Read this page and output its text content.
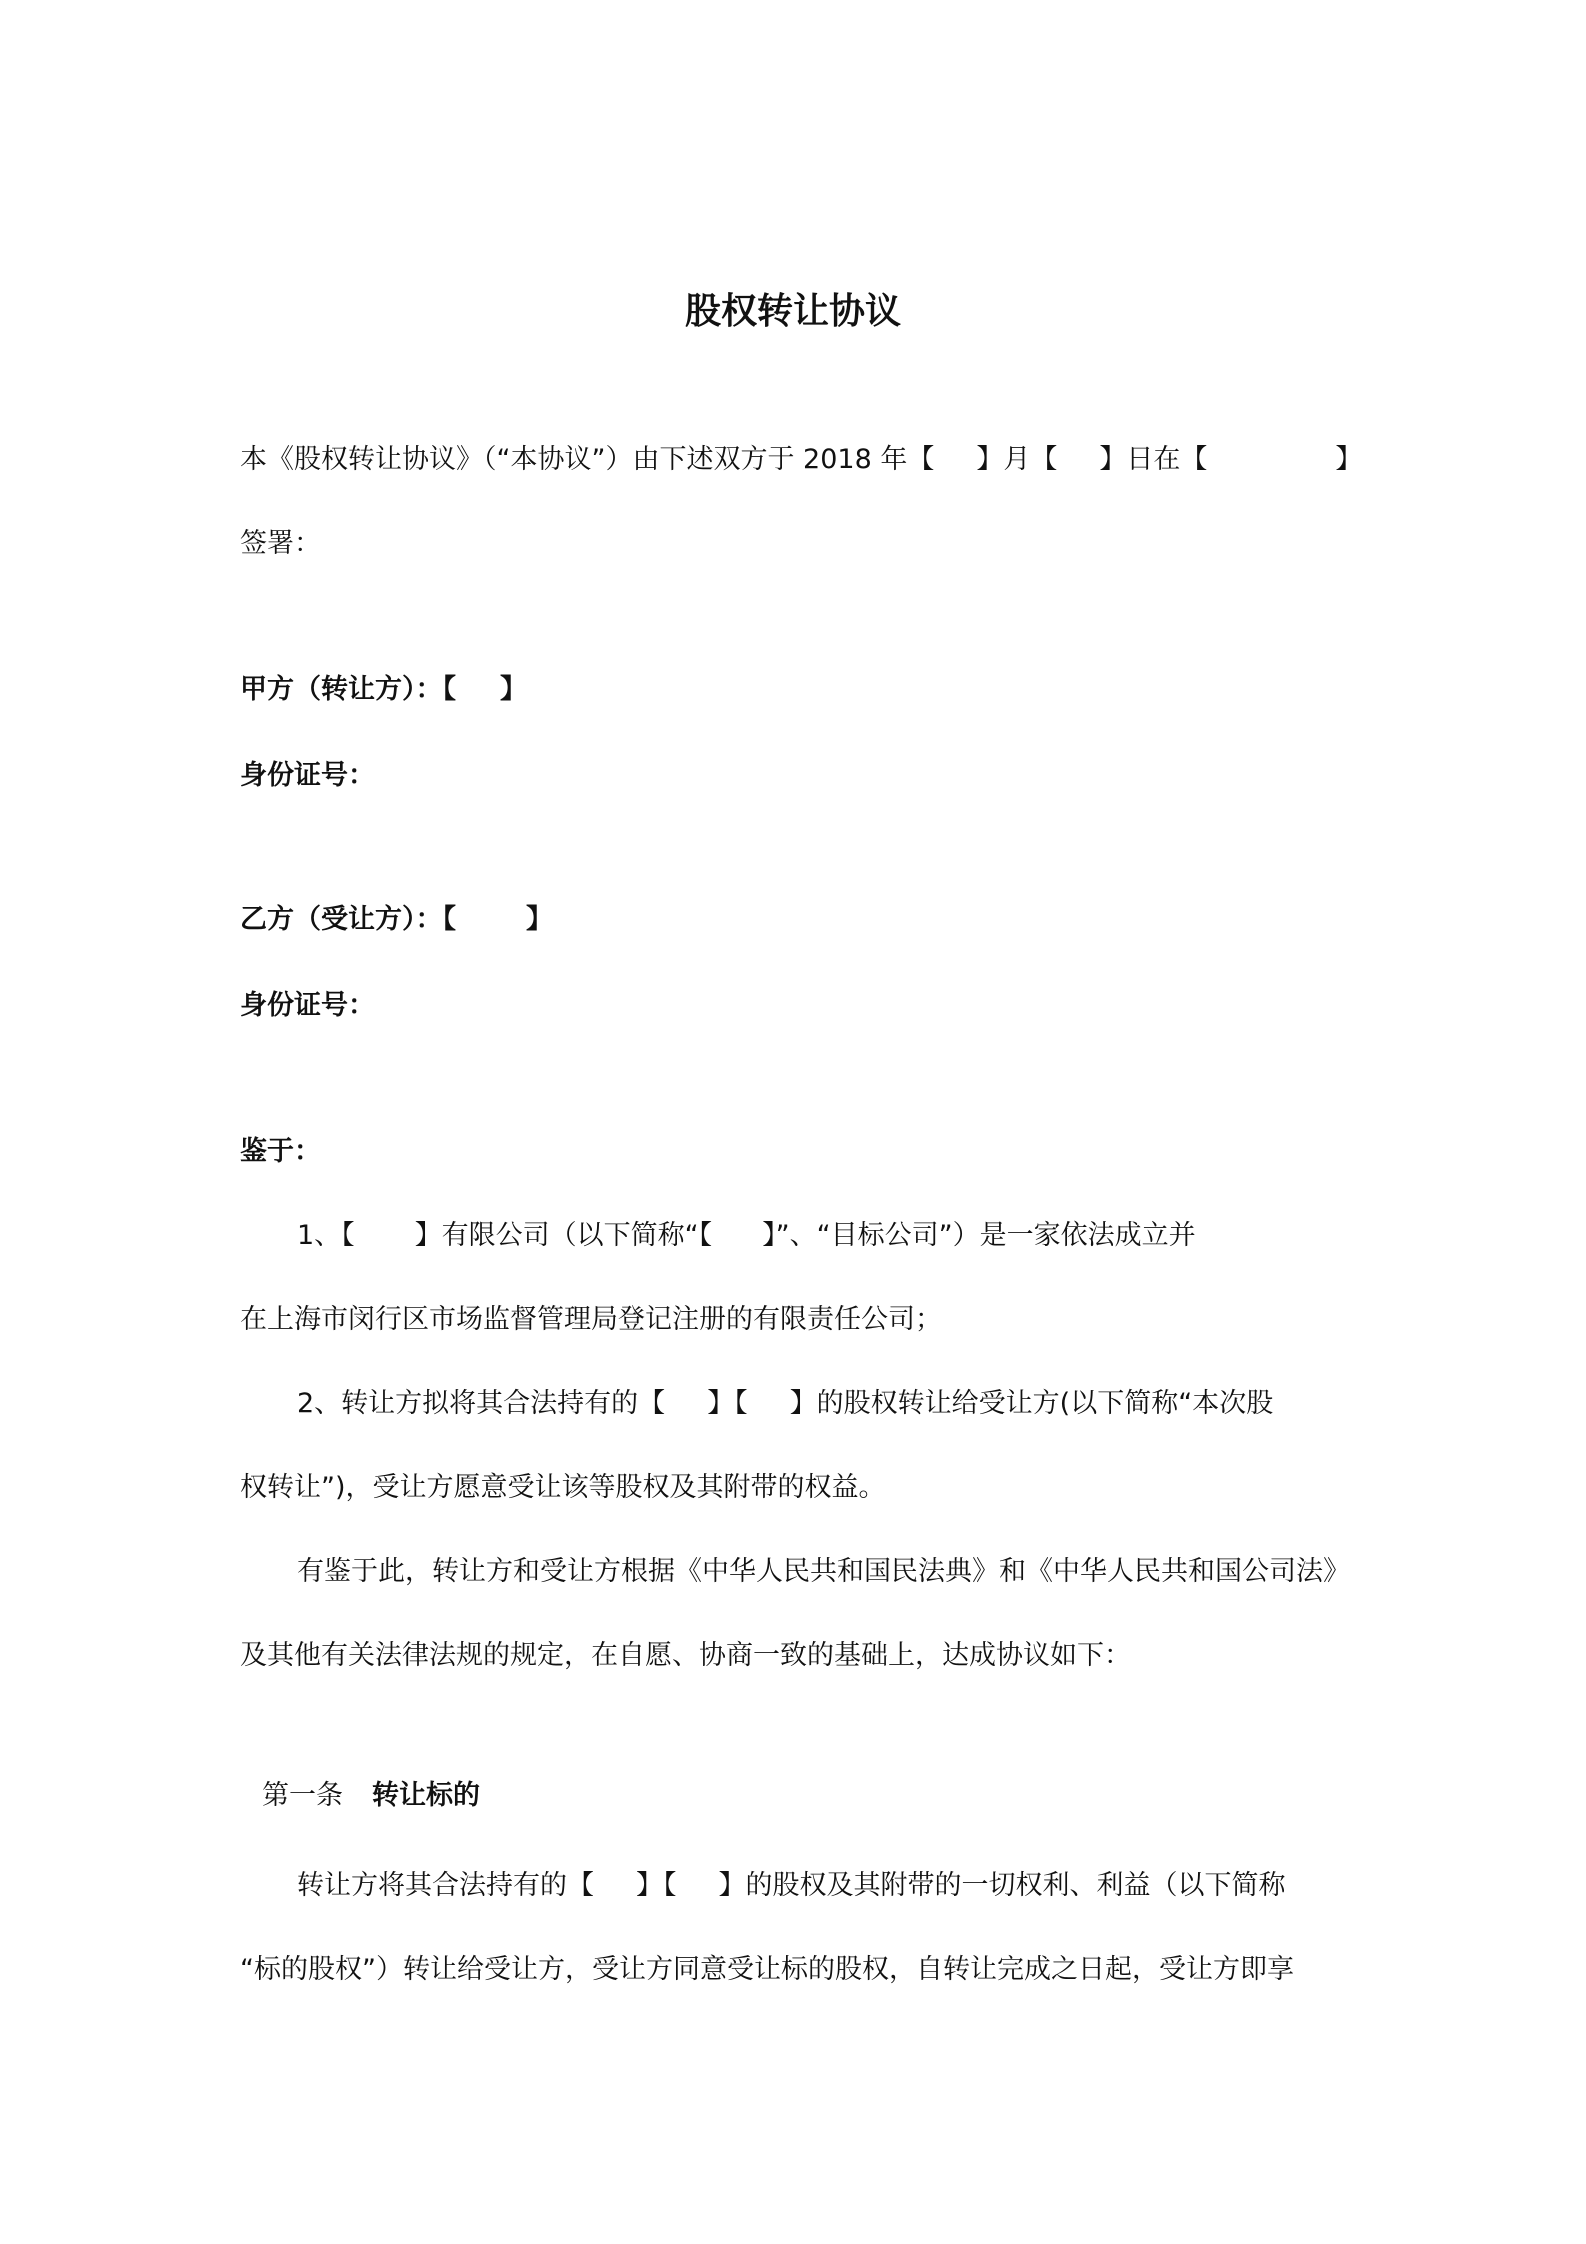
股权转让协议
本《股权转让协议》（“本协议”）由下述双方于 2018 年【 】月【 】日在【	】
签署：
甲方（转让方）：【 】
身份证号：
乙方（受让方）：【	】
身份证号：
鉴于：
1、【 】有限公司（以下简称“【 】”、“目标公司”）是一家依法成立并
在上海市闵行区市场监督管理局登记注册的有限责任公司；
2、转让方拟将其合法持有的【 】【 】的股权转让给受让方(以下简称“本次股
权转让”)，受让方愿意受让该等股权及其附带的权益。
有鉴于此，转让方和受让方根据《中华人民共和国民法典》和《中华人民共和国公司法》
及其他有关法律法规的规定，在自愿、协商一致的基础上，达成协议如下：
第一条 转让标的
转让方将其合法持有的【 】【 】的股权及其附带的一切权利、利益（以下简称
“标的股权”）转让给受让方，受让方同意受让标的股权，自转让完成之日起，受让方即享
